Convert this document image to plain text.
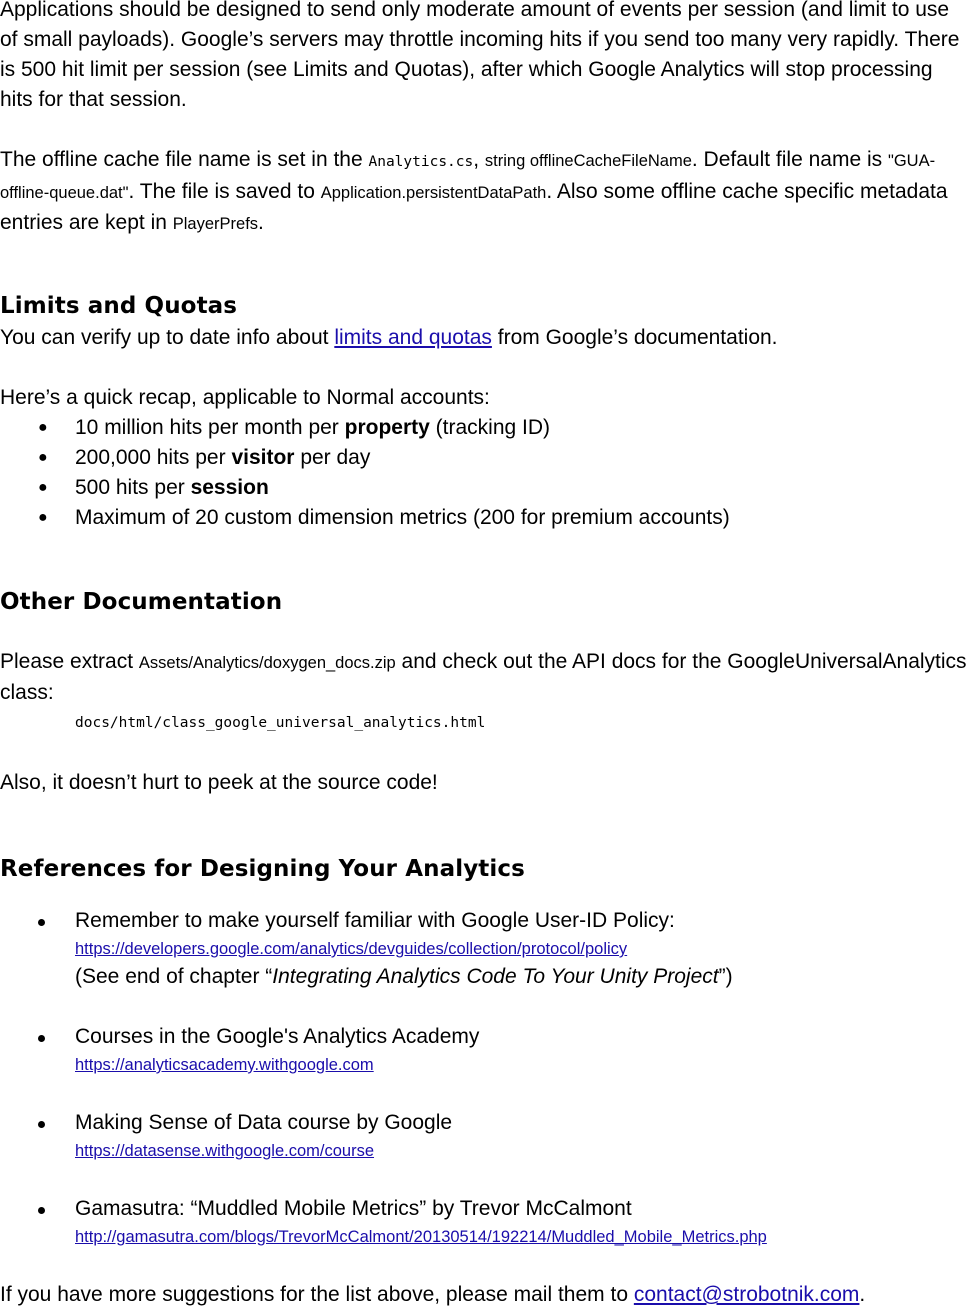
Applications should be designed to send only moderate amount of events per session (and limit to use of small payloads). Google’s servers may throttle incoming hits if you send too many very rapidly. There is 500 hit limit per session (see Limits and Quotas), after which Google Analytics will stop processing hits for that session.

The offline cache file name is set in the Analytics.cs, string offlineCacheFileName. Default file name is "GUA-offline-queue.dat". The file is saved to Application.persistentDataPath. Also some offline cache specific metadata entries are kept in PlayerPrefs.

Limits and Quotas

You can verify up to date info about limits and quotas from Google’s documentation.

Here’s a quick recap, applicable to Normal accounts:

● 10 million hits per month per property (tracking ID)
● 200,000 hits per visitor per day
● 500 hits per session
● Maximum of 20 custom dimension metrics (200 for premium accounts)

Other Documentation

Please extract Assets/Analytics/doxygen_docs.zip and check out the API docs for the GoogleUniversalAnalytics class:

docs/html/class_google_universal_analytics.html

Also, it doesn’t hurt to peek at the source code!

References for Designing Your Analytics

Remember to make yourself familiar with Google User-ID Policy:
https://developers.google.com/analytics/devguides/collection/protocol/policy
(See end of chapter “Integrating Analytics Code To Your Unity Project”)
Courses in the Google's Analytics Academy
https://analyticsacademy.withgoogle.com
Making Sense of Data course by Google
https://datasense.withgoogle.com/course
Gamasutra: “Muddled Mobile Metrics” by Trevor McCalmont
http://gamasutra.com/blogs/TrevorMcCalmont/20130514/192214/Muddled_Mobile_Metrics.php

If you have more suggestions for the list above, please mail them to contact@strobotnik.com.
